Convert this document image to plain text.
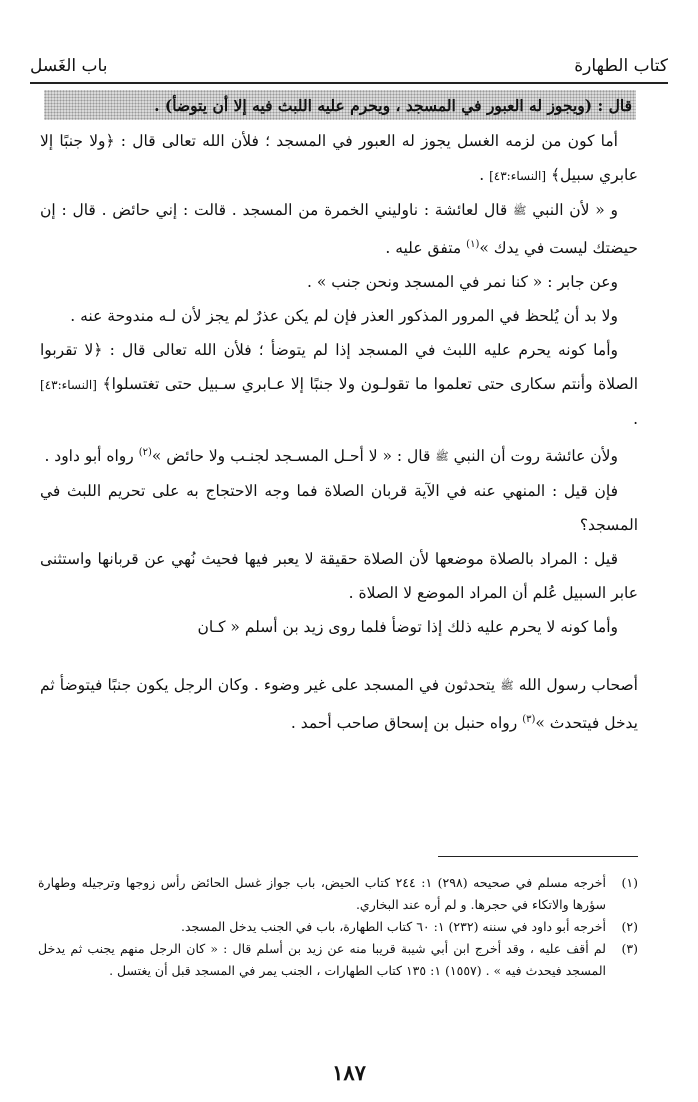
كتاب الطهارة
باب الغَسل
قال : (ويجوز له العبور في المسجد ، ويحرم عليه اللبث فيه إلا أن يتوضأ) .

أما كون من لزمه الغسل يجوز له العبور في المسجد ؛ فلأن الله تعالى قال : ﴿ولا جنبًا إلا عابري سبيل﴾ [النساء:٤٣] .

و « لأن النبي ﷺ قال لعائشة : ناوليني الخمرة من المسجد . قالت : إني حائض . قال : إن حيضتك ليست في يدك »$^{(١)}$ متفق عليه .

وعن جابر : « كنا نمر في المسجد ونحن جنب » .

ولا بد أن يُلحظ في المرور المذكور العذر فإن لم يكن عذرٌ لم يجز لأن لـه مندوحة عنه .

وأما كونه يحرم عليه اللبث في المسجد إذا لم يتوضأ ؛ فلأن الله تعالى قال : ﴿لا تقربوا الصلاة وأنتم سكارى حتى تعلموا ما تقولـون ولا جنبًا إلا عـابري سـبيل حتى تغتسلوا﴾ [النساء:٤٣] .

ولأن عائشة روت أن النبي ﷺ قال : « لا أحـل المسـجد لجنـب ولا حائض »$^{(٢)}$ رواه أبو داود .

فإن قيل : المنهي عنه في الآية قربان الصلاة فما وجه الاحتجاج به على تحريم اللبث في المسجد؟

قيل : المراد بالصلاة موضعها لأن الصلاة حقيقة لا يعبر فيها فحيث نُهي عن قربانها واستثنى عابر السبيل عُلم أن المراد الموضع لا الصلاة .

وأما كونه لا يحرم عليه ذلك إذا توضأ فلما روى زيد بن أسلم « كـان

أصحاب رسول الله ﷺ يتحدثون في المسجد على غير وضوء . وكان الرجل يكون جنبًا فيتوضأ ثم يدخل فيتحدث »$^{(٣)}$ رواه حنبل بن إسحاق صاحب أحمد .

(١)
أخرجه مسلم في صحيحه (٢٩٨) ١: ٢٤٤ كتاب الحيض، باب جواز غسل الحائض رأس زوجها وترجيله وطهارة سؤرها والاتكاء في حجرها. و لم أره عند البخاري.
(٢)
أخرجه أبو داود في سننه (٢٣٢) ١: ٦٠ كتاب الطهارة، باب في الجنب يدخل المسجد.
(٣)
لم أقف عليه ، وقد أخرج ابن أبي شيبة قريبا منه عن زيد بن أسلم قال : « كان الرجل منهم يجنب ثم يدخل المسجد فيحدث فيه » . (١٥٥٧) ١: ١٣٥ كتاب الطهارات ، الجنب يمر في المسجد قبل أن يغتسل .
١٨٧
